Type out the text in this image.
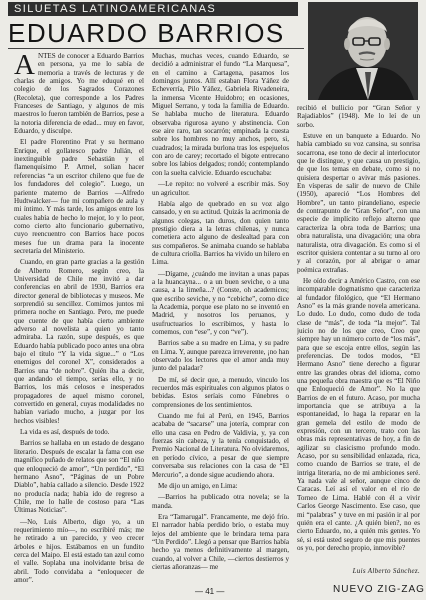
SILUETAS LATINOAMERICANAS
EDUARDO BARRIOS

ANTES de conocer a Eduardo Barrios en persona, ya me lo sabía de memoria a través de lecturas y de charlas de amigos. Yo me eduqué en el colegio de los Sagrados Corazones (Recoleta), que corresponde a los Padres Franceses de Santiago, y algunos de mis maestros lo fueron también de Barrios, pese a la notoria diferencia de edad... muy en favor, Eduardo, y disculpe.

El padre Florentino Prat y su hermano Enrique, el gollatesco padre Julián, el inextinguible padre Sebastián y el flamenquísimo P. Armel, solían hacer referencias “a un escritor chileno que fue de los fundadores del colegio”. Luego, un pariente materno de Barrios —Alfredo Hudtwalcker— fue mi compañero de aula y mi íntimo. Y más tarde, los amigos entre los cuales había de hecho lo mejor, lo y lo peor, como cierto alto funcionario gubernativo, cuyo reencuentro con Barrios hace pocos meses fue un drama para la inocente secretaría del Ministerio.

Cuando, en gran parte gracias a la gestión de Alberto Romero, según creo, la Universidad de Chile me invitó a dar conferencias en abril de 1930, Barrios era director general de bibliotecas y museos. Me sorprendió su sencillez. Comimos juntos mi primera noche en Santiago. Pero, me puede que cuente de que había cierto ambiente adverso al novelista a quien yo tanto admiraba. La razón, supe después, es que Eduardo había publicado poco antes una obra bajo el título “Y la vida sigue...” o “Los enemigos del coronel X”, considerados a Barrios una “de nobre”. Quién iba a decir, que andando el tiempo, serías ello, y no Barrios, los más celosos e inesperados propagadores de aquel mismo coronel, convertido en general, cuyas modalidades no habían variado mucho, a juzgar por los hechos visibles!

La vida es así, después de todo.

Barrios se hallaba en un estado de desgano literario. Después de escalar la fama con ese magnífico puñado de relatos que son “El niño que enloqueció de amor”, “Un perdido”, “El hermano Asno”, “Páginas de un Pobre Diablo”, había callado a silencio. Desde 1922 no producía nada; había ido de regreso a Chile, me lo halle de costoso para “Las Últimas Noticias”.

—No, Luis Alberto, digo yo, a un requerimiento mío—, no escribiré más; me he retirado a un parecido, y veo crecer árboles e hijos. Estábamos en un fundito cerca del Maipo. El está estado tan azul como el valle. Soplaba una inolvidante brisa de abril. Todo convidaba a “enloquecer de amor”.

Muchas, muchas veces, cuando Eduardo, se decidió a administrar el fundo “La Marquesa”, en el camino a Cartagena, pasamos los domingos juntos. Allí estaban Flora Yáñez de Echeverría, Pilo Yáñez, Gabriela Rivadeneira, la inmensa Vicente Huidobro; en ocasiones, Miguel Serrano, y toda la familia de Eduardo. Se hablaba mucho de literatura. Eduardo observaba rigurosa ayuno y abstinencia. Con ese aire raro, tan socarrón; empinada la cuesta sobre los hombres no muy anchos, pero, si, cuadrados; la mirada burlona tras los espejuelos con aro de carey; recortado el bigote entrecano sobre los labios delgados; rondó; contemplando con la suelta calvicie. Eduardo escuchaba:

—Le repito: no volveré a escribir más. Soy un agricultor.

Había algo de quebrado en su voz algo cansado, y en su actitud. Quizás la acrimonia de algunos colegas, tan duros, don quien tanto prestigio diera a la letras chilenas, y nunca cometiera acto alguno de deslealtad para con sus compañeros. Se animaba cuando se hablaba de cultura criolla. Barrios ha vivido un hilero en Lima.

—Dígame, ¿cuándo me invitan a unas papas a la huancayna... o a un buen seviche, o a una causa, a la limeña...? (Conste, oh academicos; que escribo seviche, y no “cebiche”, como dice la Academia, porque ese plato no se inventó en Madrid, y nosotros los peruanos, y usufructuarios lo escribimos, y hasta lo comemos, con “ese”, y con “ve”).

Barrios sabe a su madre en Lima, y su padre en Lima. Y, aunque parezca irreverente, ¡no han observado los lectores que el amor anda muy junto del paladar?

De mí, sé decir que, a menudo, vinculo los recuerdos más espirituales con algunos platos o bebidas. Estos seríais como Fúnebres o comprensiones de los sentimientos.

Cuando me fui al Perú, en 1945, Barrios acababa de “sacarse” una jotería, comprar con ello una casa en Pedro de Valdivia, y, ya con fuerzas sin cabeza, y la tenía conquistado, el Premio Nacional de Literatura. No olvidaremos, en período cívico, a pesar de que siempre conversaba sus relaciones con la casa de “El Mercurio”, a donde sigue acudiendo ahora.

Me dijo un amigo, en Lima:

—Barrios ha publicado otra novela; se la manda.

Era “Tamarugal”. Francamente, me dejó frío. El narrador había perdido brío, o estaba muy lejos del ambiente que le brindara tema para “Un Perdido”. Llegó a pensar que Barrios había hecho ya menos definitivamente al margen, cuando, al volver a Chile, —ciertos destierros y ciertas añoranzas— me

recibió el bullicio por “Gran Señor y Rajadiablos” (1948). Me lo leí de un sorbo.

Estuve en un banquete a Eduardo. No había cambiado su voz cansina, su sonrisa socarrona, ese tono de decir al interlocutor que le distingue, y que causa un prestigio, de que los temas en debate, como si no quisiera despertar o avivar más pasiones. En vísperas de salir de nuevo de Chile (1950), apareció “Los Hombres del Hombre”, un tanto pirandeliano, especie de contrapunto de “Gran Señor”, con una especie de implícito reflejo alterno que caracteriza la obra toda de Barrios; una obra naturalista, una divagación; una obra naturalista, otra divagación. Es como si el escritor quisiera contentar a su turno al oro y al corazón, por al abrigar o amar poémica extrañas.

He oído decir a Américo Castro, con ese incomparable dogmatismo que caracteriza al fundador filológico, que “El Hermano Asno” es la más grande novela americana. Lo dudo. Lo dudo, como dudo de toda clase de “más”, de toda “la mejor”. Tal juicio no de los que creo, Creo que siempre hay un número corto de “los más”, para que se escoja entre ellos, según las preferencias. De todos modos, “El Hermano Asno” tiene derecho a figurar entre las grandes obras del idioma, como una pequeña obra maestra que es “El Niño que Enloqueció de Amor”. No la que Barrios de en el futuro. Acaso, por mucha importancia que se atribuya a la espontaneidad, lo haga la reparar en la gran gemela del estilo de modo de expresión, con un tercero, trato con las obras más representativas de hoy, a fin de agilizar su clasicismo profundo modo. Acaso, por su sensibilidad enlazada, rica, como cuando de Barrios se trate, el de intriga literaria, no de mi ambiciones seré. Ya nada vale al señor, aunque cinco de Caracas. Leí así el valor en el rio de Torneo de Lima. Hablé con él a vivir Carlos George Nascimento. Ese caso, que mi “palabras” y tuve en mi pasión ir al por quién era el cante. ¿A quién bien?, no es cierto Eduardo, no, a quién mis gentes. Yo sé, si está usted seguro de que mis puentes os yo, por derecho propio, inmovible?

Luis Alberto Sánchez.
— 41 —	NUEVO ZIG-ZAG
